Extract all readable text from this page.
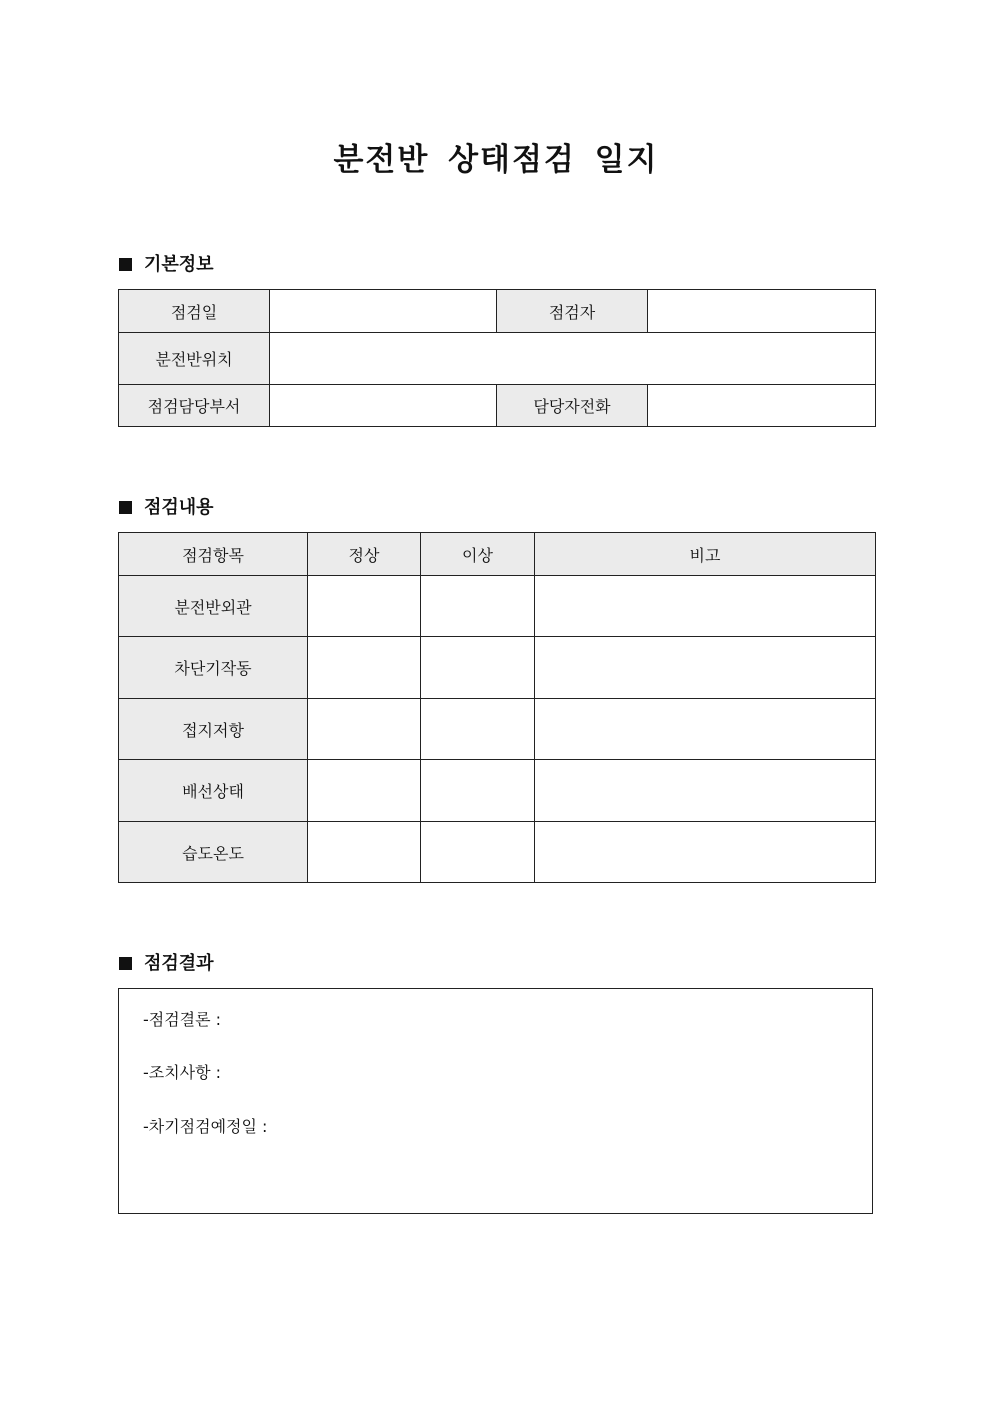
분전반 상태점검 일지
기본정보
점검일		점검자	
분전반위치			
점검담당부서		담당자전화	
점검내용
점검항목	정상	이상	비고
분전반외관			
차단기작동			
접지저항			
배선상태			
습도온도			
점검결과
-점검결론 :
-조치사항 :
-차기점검예정일 :
